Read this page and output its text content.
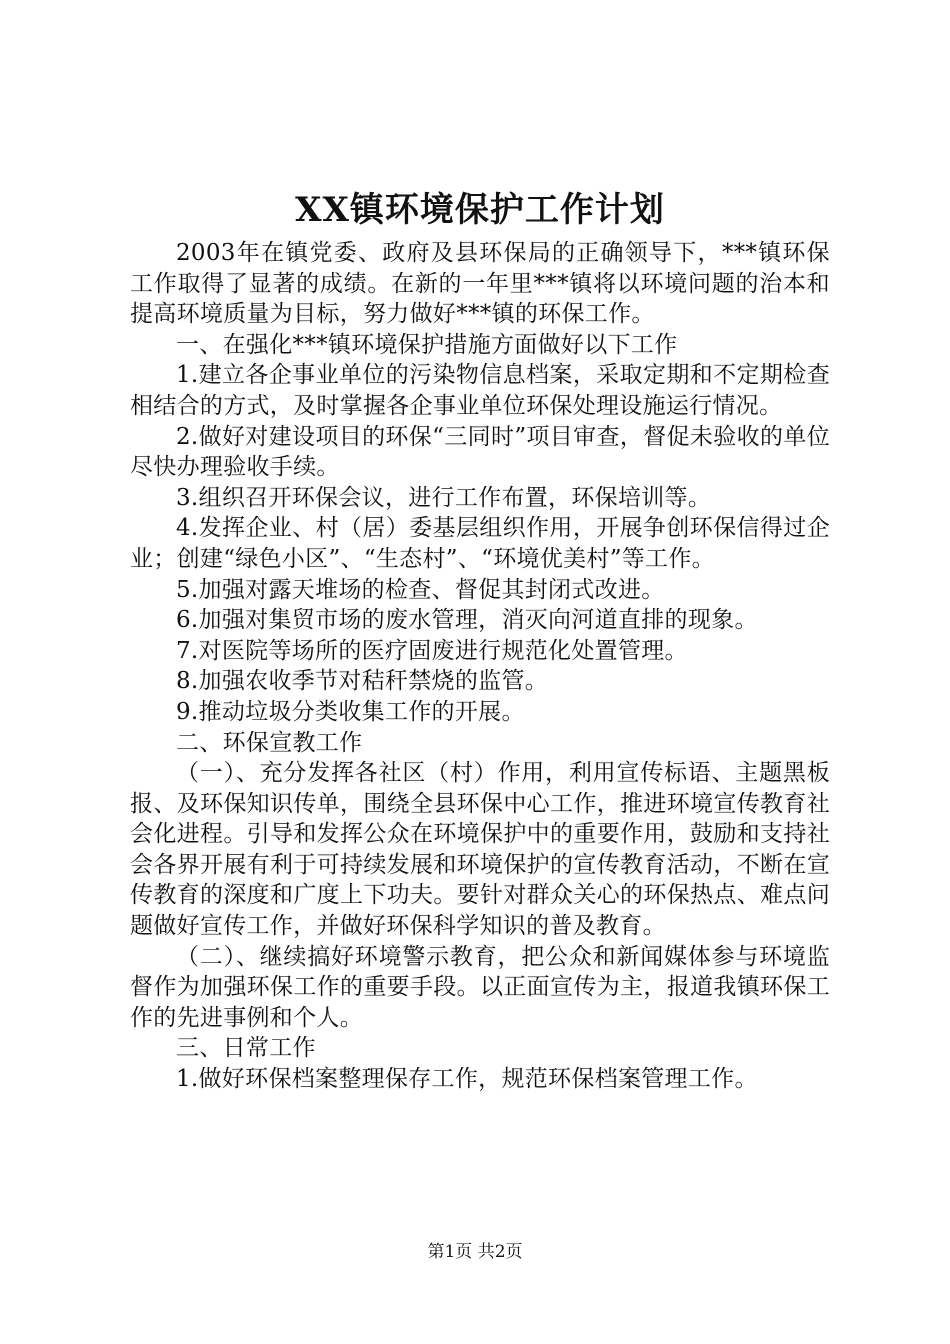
XX镇环境保护工作计划

2003年在镇党委、政府及县环保局的正确领导下，***镇环保工作取得了显著的成绩。在新的一年里***镇将以环境问题的治本和提高环境质量为目标，努力做好***镇的环保工作。

一、在强化***镇环境保护措施方面做好以下工作

1.建立各企事业单位的污染物信息档案，采取定期和不定期检查相结合的方式，及时掌握各企事业单位环保处理设施运行情况。

2.做好对建设项目的环保“三同时”项目审查，督促未验收的单位尽快办理验收手续。

3.组织召开环保会议，进行工作布置，环保培训等。

4.发挥企业、村（居）委基层组织作用，开展争创环保信得过企业；创建“绿色小区”、“生态村”、“环境优美村”等工作。

5.加强对露天堆场的检查、督促其封闭式改进。

6.加强对集贸市场的废水管理，消灭向河道直排的现象。

7.对医院等场所的医疗固废进行规范化处置管理。

8.加强农收季节对秸秆禁烧的监管。

9.推动垃圾分类收集工作的开展。

二、环保宣教工作

（一）、充分发挥各社区（村）作用，利用宣传标语、主题黑板报、及环保知识传单，围绕全县环保中心工作，推进环境宣传教育社会化进程。引导和发挥公众在环境保护中的重要作用，鼓励和支持社会各界开展有利于可持续发展和环境保护的宣传教育活动，不断在宣传教育的深度和广度上下功夫。要针对群众关心的环保热点、难点问题做好宣传工作，并做好环保科学知识的普及教育。

（二）、继续搞好环境警示教育，把公众和新闻媒体参与环境监督作为加强环保工作的重要手段。以正面宣传为主，报道我镇环保工作的先进事例和个人。

三、日常工作

1.做好环保档案整理保存工作，规范环保档案管理工作。

第1页 共2页
